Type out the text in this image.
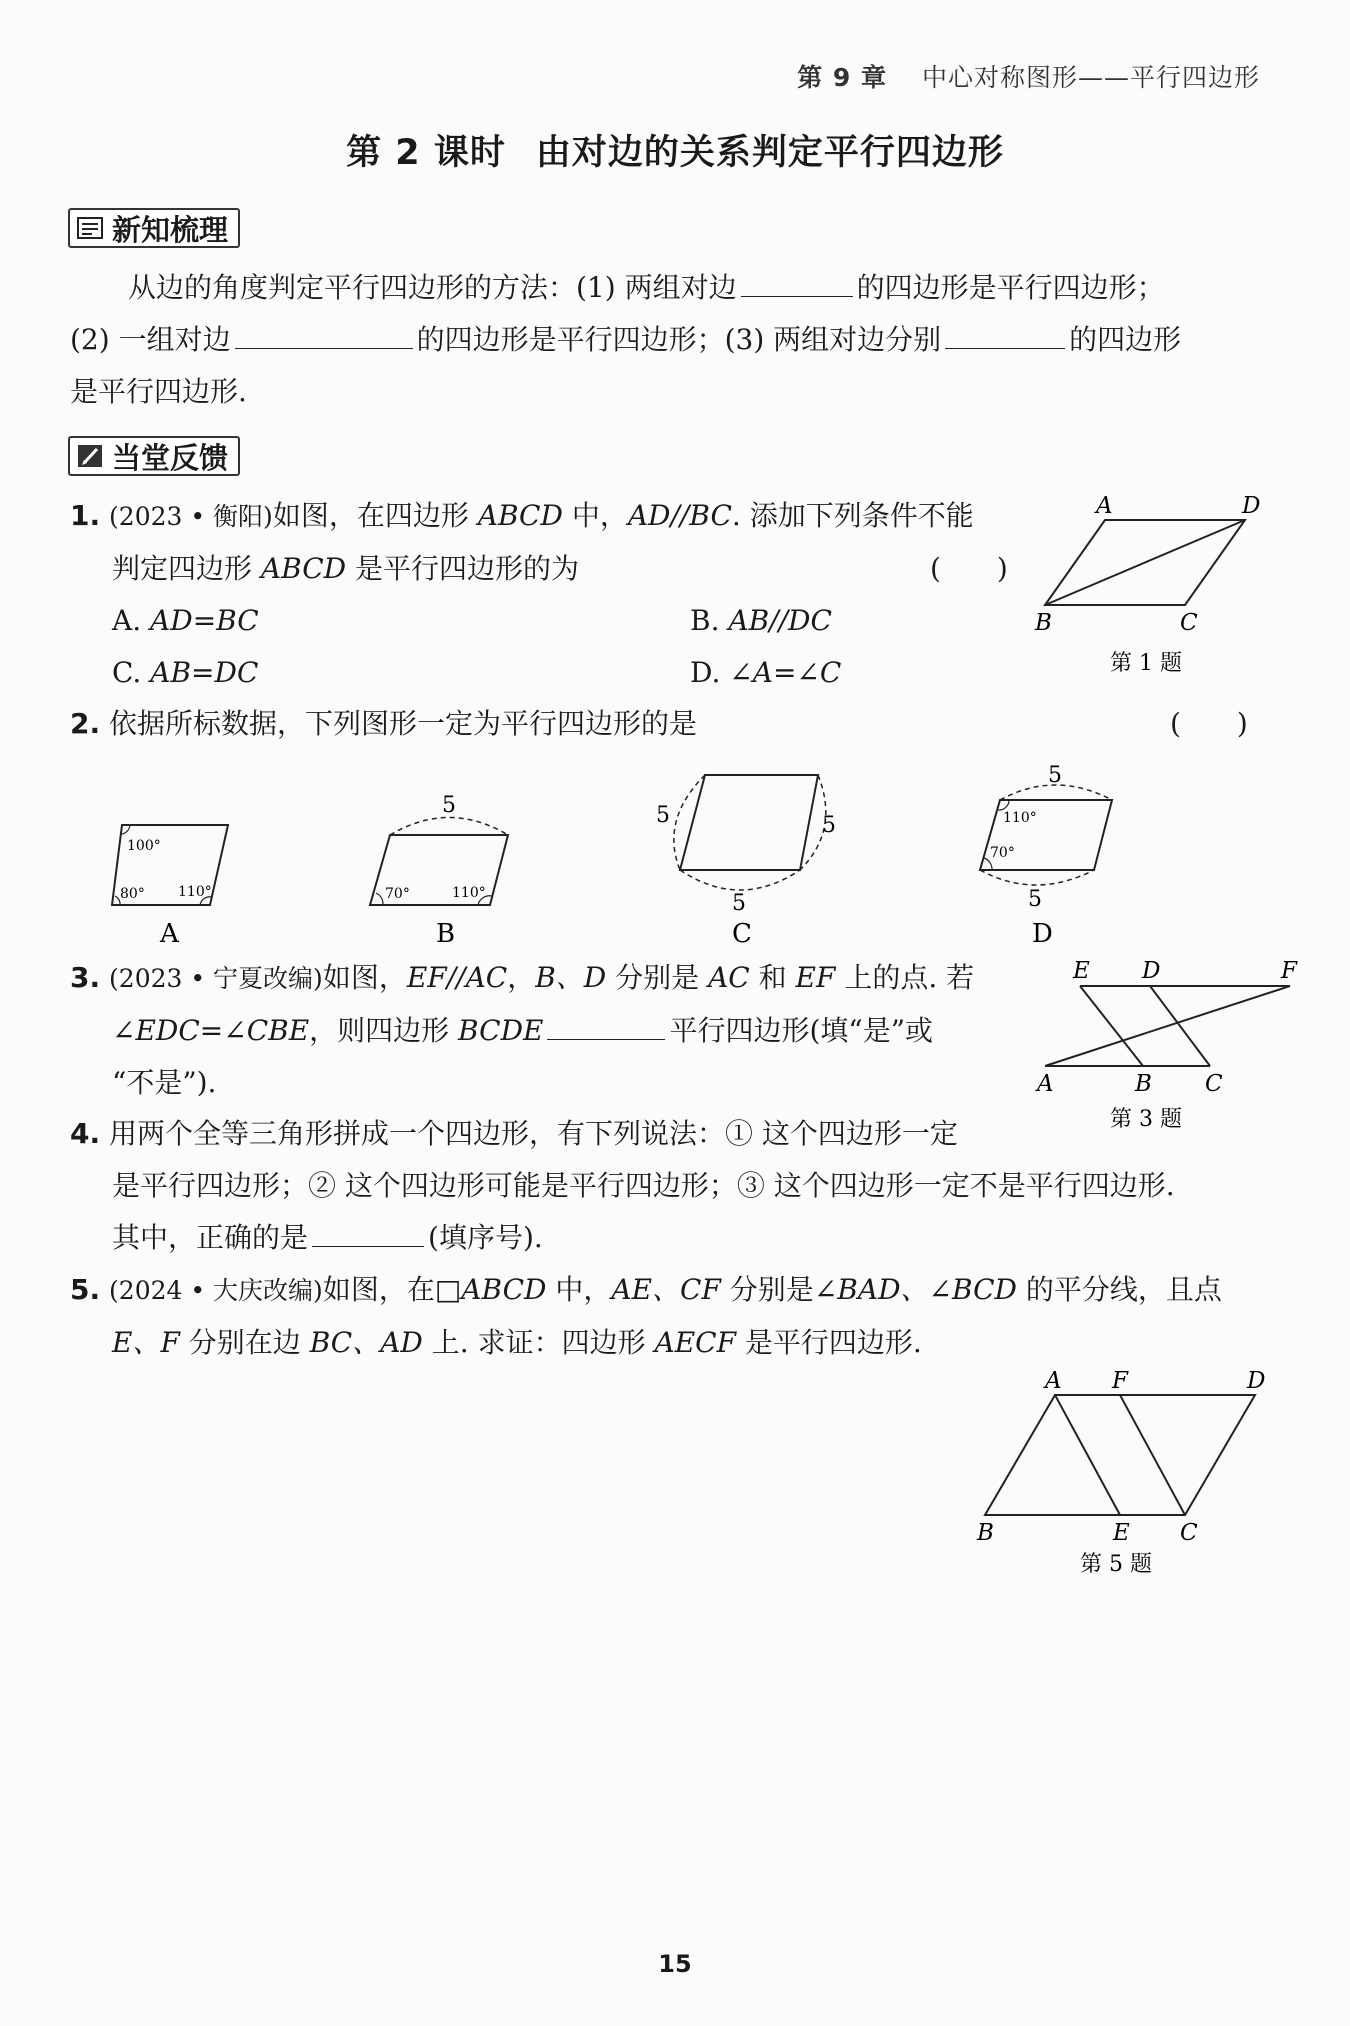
第 9 章 中心对称图形——平行四边形
第 2 课时 由对边的关系判定平行四边形
新知梳理
从边的角度判定平行四边形的方法：(1) 两组对边	的四边形是平行四边形；
(2) 一组对边	的四边形是平行四边形；(3) 两组对边分别	的四边形
是平行四边形.
当堂反馈
1. (2023 • 衡阳)如图，在四边形 ABCD 中，AD//BC. 添加下列条件不能
判定四边形 ABCD 是平行四边形的为	(　　)
A. AD=BC	B. AB//DC
C. AB=DC	D. ∠A=∠C
A	D
B	C
第 1 题
2. 依据所标数据，下列图形一定为平行四边形的是	(　　)
100°
80° 110°
A
5
70°	110°
B
5	5
5
C
110°
70°
5
5
D
3. (2023 • 宁夏改编)如图，EF//AC，B、D 分别是 AC 和 EF 上的点. 若
∠EDC=∠CBE，则四边形 BCDE	平行四边形(填“是”或
“不是”).
E D	F
A	B C
第 3 题
4. 用两个全等三角形拼成一个四边形，有下列说法：① 这个四边形一定
是平行四边形；② 这个四边形可能是平行四边形；③ 这个四边形一定不是平行四边形.
其中，正确的是	(填序号).
5. (2024 • 大庆改编)如图，在□ABCD 中，AE、CF 分别是∠BAD、∠BCD 的平分线，且点
E、F 分别在边 BC、AD 上. 求证：四边形 AECF 是平行四边形.
A F	D
B	E C
第 5 题
15
